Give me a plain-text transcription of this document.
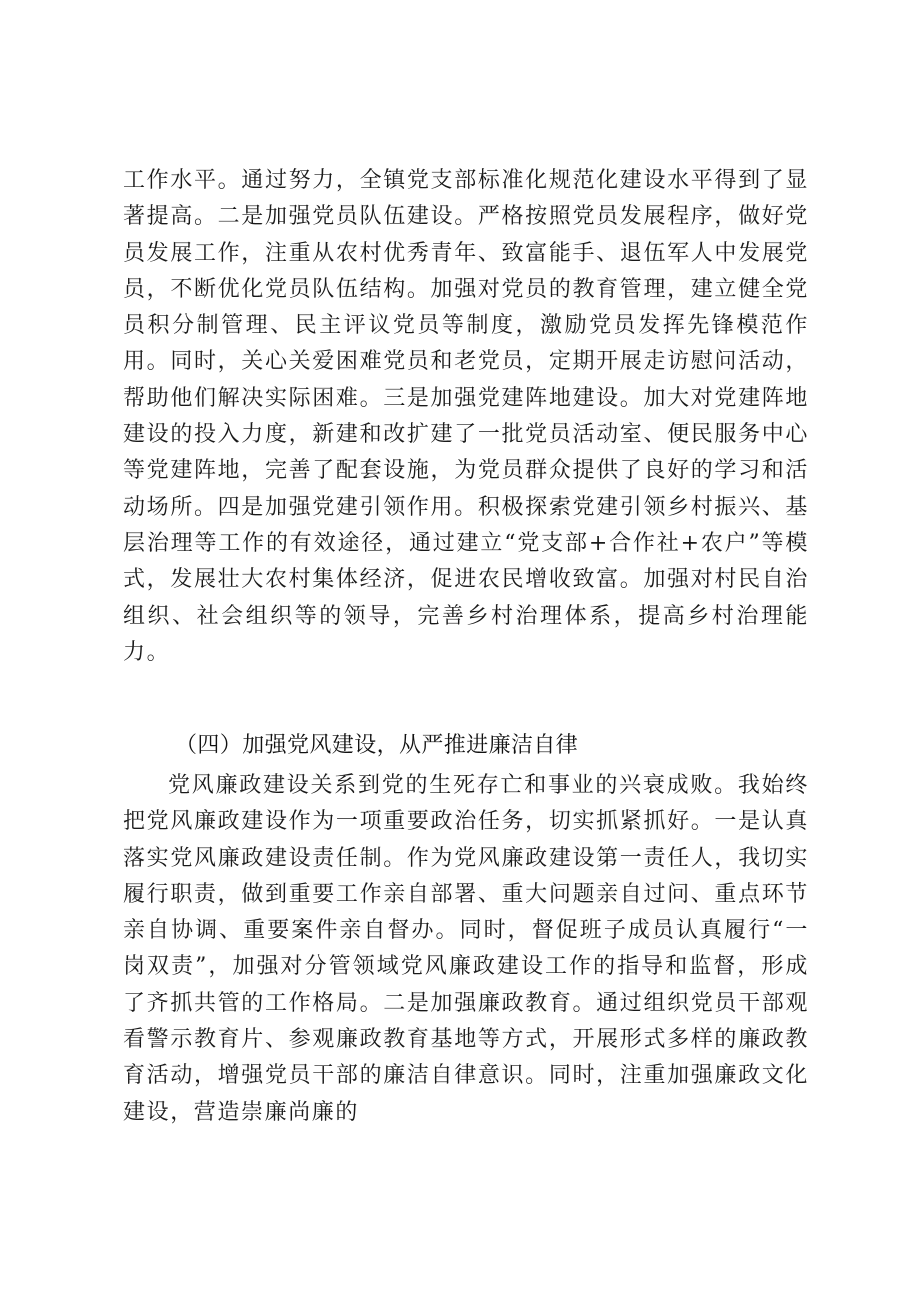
工作水平。通过努力，全镇党支部标准化规范化建设水平得到了显著提高。二是加强党员队伍建设。严格按照党员发展程序，做好党员发展工作，注重从农村优秀青年、致富能手、退伍军人中发展党员，不断优化党员队伍结构。加强对党员的教育管理，建立健全党员积分制管理、民主评议党员等制度，激励党员发挥先锋模范作用。同时，关心关爱困难党员和老党员，定期开展走访慰问活动，帮助他们解决实际困难。三是加强党建阵地建设。加大对党建阵地建设的投入力度，新建和改扩建了一批党员活动室、便民服务中心等党建阵地，完善了配套设施，为党员群众提供了良好的学习和活动场所。四是加强党建引领作用。积极探索党建引领乡村振兴、基层治理等工作的有效途径，通过建立“党支部+合作社+农户”等模式，发展壮大农村集体经济，促进农民增收致富。加强对村民自治组织、社会组织等的领导，完善乡村治理体系，提高乡村治理能力。

（四）加强党风建设，从严推进廉洁自律

党风廉政建设关系到党的生死存亡和事业的兴衰成败。我始终把党风廉政建设作为一项重要政治任务，切实抓紧抓好。一是认真落实党风廉政建设责任制。作为党风廉政建设第一责任人，我切实履行职责，做到重要工作亲自部署、重大问题亲自过问、重点环节亲自协调、重要案件亲自督办。同时，督促班子成员认真履行“一岗双责”，加强对分管领域党风廉政建设工作的指导和监督，形成了齐抓共管的工作格局。二是加强廉政教育。通过组织党员干部观看警示教育片、参观廉政教育基地等方式，开展形式多样的廉政教育活动，增强党员干部的廉洁自律意识。同时，注重加强廉政文化建设，营造崇廉尚廉的
